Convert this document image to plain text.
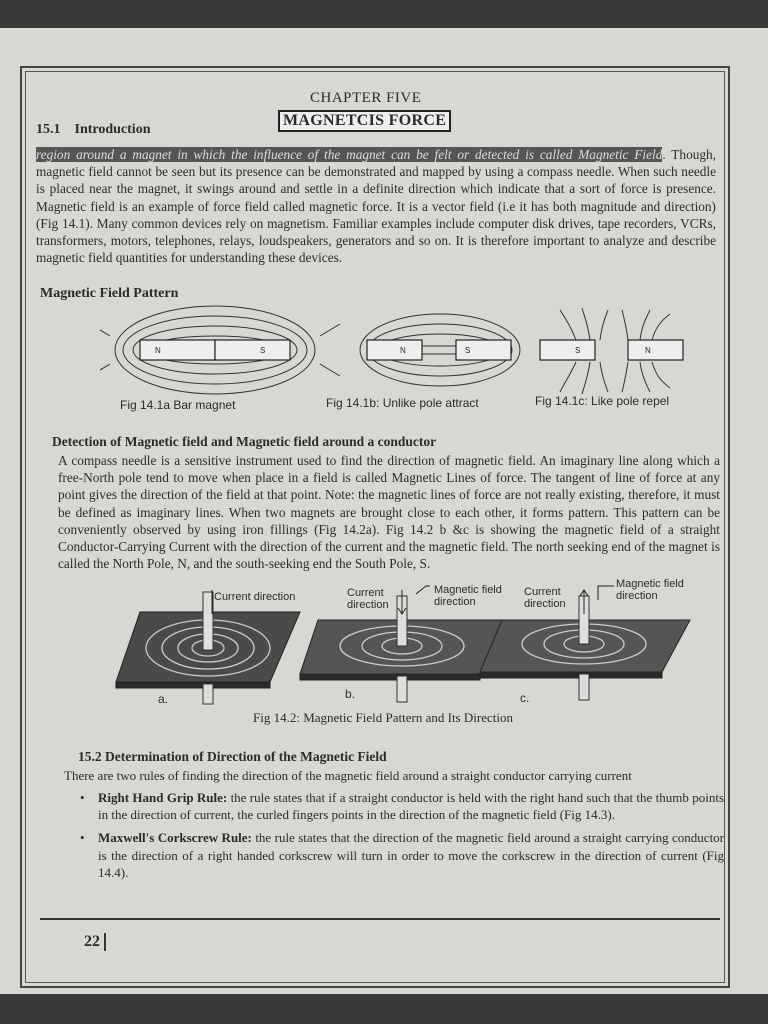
CHAPTER FIVE
MAGNETCIS FORCE
15.1 Introduction
region around a magnet in which the influence of the magnet can be felt or detected is called Magnetic Field. Though, magnetic field cannot be seen but its presence can be demonstrated and mapped by using a compass needle. When such needle is placed near the magnet, it swings around and settle in a definite direction which indicate that a sort of force is presence. Magnetic field is an example of force field called magnetic force. It is a vector field (i.e it has both magnitude and direction) (Fig 14.1). Many common devices rely on magnetism. Familiar examples include computer disk drives, tape recorders, VCRs, transformers, motors, telephones, relays, loudspeakers, generators and so on. It is therefore important to analyze and describe magnetic field quantities for understanding these devices.
Magnetic Field Pattern
N	S	N	S	S	N
Fig 14.1a Bar magnet	Fig 14.1b: Unlike pole attract	Fig 14.1c: Like pole repel
Detection of Magnetic field and Magnetic field around a conductor
A compass needle is a sensitive instrument used to find the direction of magnetic field. An imaginary line along which a free-North pole tend to move when place in a field is called Magnetic Lines of force. The tangent of line of force at any point gives the direction of the field at that point. Note: the magnetic lines of force are not really existing, therefore, it must be defined as imaginary lines. When two magnets are brought close to each other, it forms pattern. This pattern can be conveniently observed by using iron fillings (Fig 14.2a). Fig 14.2 b &c is showing the magnetic field of a straight Conductor-Carrying Current with the direction of the current and the magnetic field. The north seeking end of the magnet is called the North Pole, N, and the south-seeking end the South Pole, S.
Current direction	Current direction
Magnetic field direction
Current direction
Magnetic field direction
a.	b.	c.
Fig 14.2: Magnetic Field Pattern and Its Direction
15.2 Determination of Direction of the Magnetic Field
There are two rules of finding the direction of the magnetic field around a straight conductor carrying current
• Right Hand Grip Rule: the rule states that if a straight conductor is held with the right hand such that the thumb points in the direction of current, the curled fingers points in the direction of the magnetic field (Fig 14.3).
• Maxwell's Corkscrew Rule: the rule states that the direction of the magnetic field around a straight carrying conductor is the direction of a right handed corkscrew will turn in order to move the corkscrew in the direction of current (Fig 14.4).
22
